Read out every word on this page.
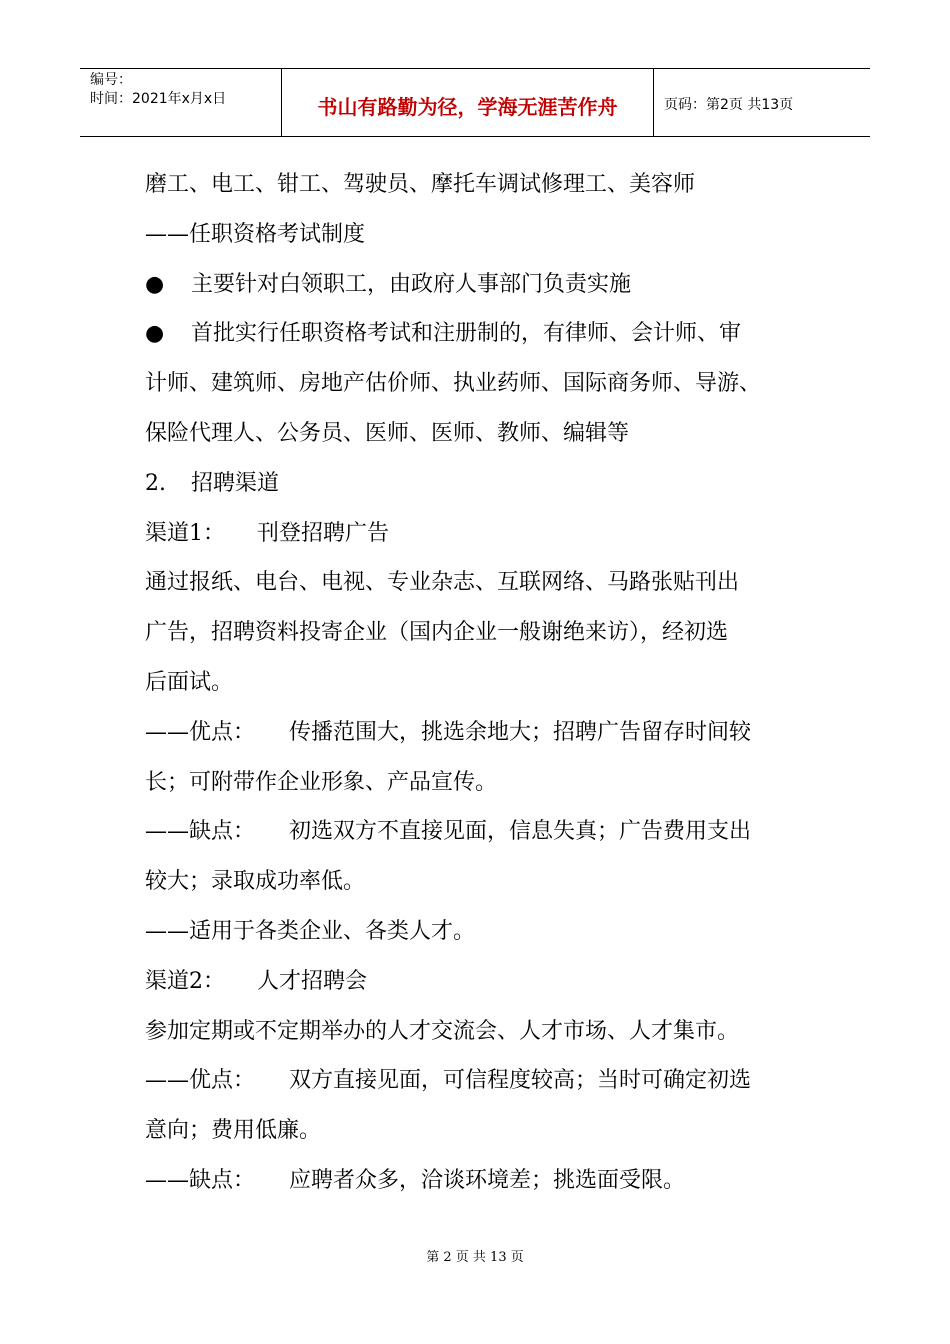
编号：
时间：2021年x月x日	书山有路勤为径，学海无涯苦作舟	页码：第2页 共13页
磨工、电工、钳工、驾驶员、摩托车调试修理工、美容师
——任职资格考试制度
● 主要针对白领职工，由政府人事部门负责实施
● 首批实行任职资格考试和注册制的，有律师、会计师、审
计师、建筑师、房地产估价师、执业药师、国际商务师、导游、
保险代理人、公务员、医师、医师、教师、编辑等
2. 招聘渠道
渠道1： 刊登招聘广告
通过报纸、电台、电视、专业杂志、互联网络、马路张贴刊出
广告，招聘资料投寄企业（国内企业一般谢绝来访），经初选
后面试。
——优点： 传播范围大，挑选余地大；招聘广告留存时间较
长；可附带作企业形象、产品宣传。
——缺点： 初选双方不直接见面，信息失真；广告费用支出
较大；录取成功率低。
——适用于各类企业、各类人才。
渠道2： 人才招聘会
参加定期或不定期举办的人才交流会、人才市场、人才集市。
——优点： 双方直接见面，可信程度较高；当时可确定初选
意向；费用低廉。
——缺点： 应聘者众多，洽谈环境差；挑选面受限。
第 2 页 共 13 页
